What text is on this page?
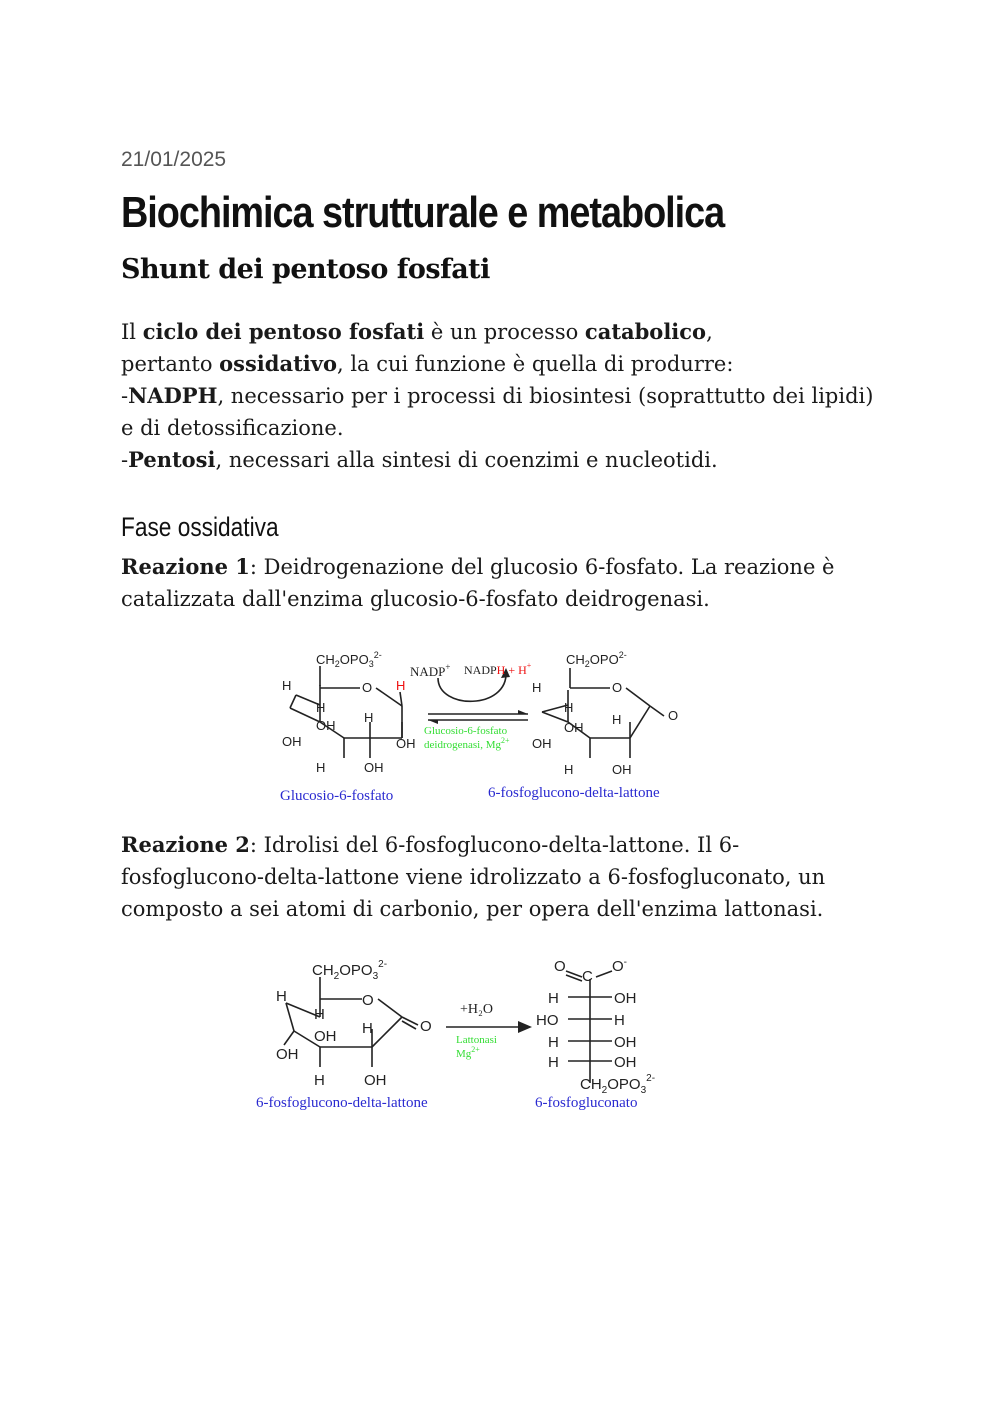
21/01/2025
Biochimica strutturale e metabolica
Shunt dei pentoso fosfati

Il ciclo dei pentoso fosfati è un processo catabolico,

pertanto ossidativo, la cui funzione è quella di produrre:

-NADPH, necessario per i processi di biosintesi (soprattutto dei lipidi) e di detossificazione.

-Pentosi, necessari alla sintesi di coenzimi e nucleotidi.

Fase ossidativa

Reazione 1: Deidrogenazione del glucosio 6-fosfato. La reazione è catalizzata dall'enzima glucosio-6-fosfato deidrogenasi.

Reazione 2: Idrolisi del 6-fosfoglucono-delta-lattone. Il 6-fosfoglucono-delta-lattone viene idrolizzato a 6-fosfogluconato, un composto a sei atomi di carbonio, per opera dell'enzima lattonasi.

$CH_2OPO_3^{2-}$
H	O
H
OH
H
OH	OH
H	OH
$CH_2OPO^{2-}$
H	O
H
OH
H	O
OH
H	OH
H
NADP+ NADPH + H+
Glucosio-6-fosfato
deidrogenasi, $Mg^{2+}$
Glucosio-6-fosfato	6-fosfoglucono-delta-lattone
$CH_2OPO_3^{2-}$
H	O
H
OH H	O
OH
H	OH
O
C
O-
H	OH
HO	H
H	OH
H	OH
$CH_2OPO_3^{2-}$
+H₂O
Lattonasi
$Mg^{2+}$
6-fosfoglucono-delta-lattone	6-fosfogluconato
